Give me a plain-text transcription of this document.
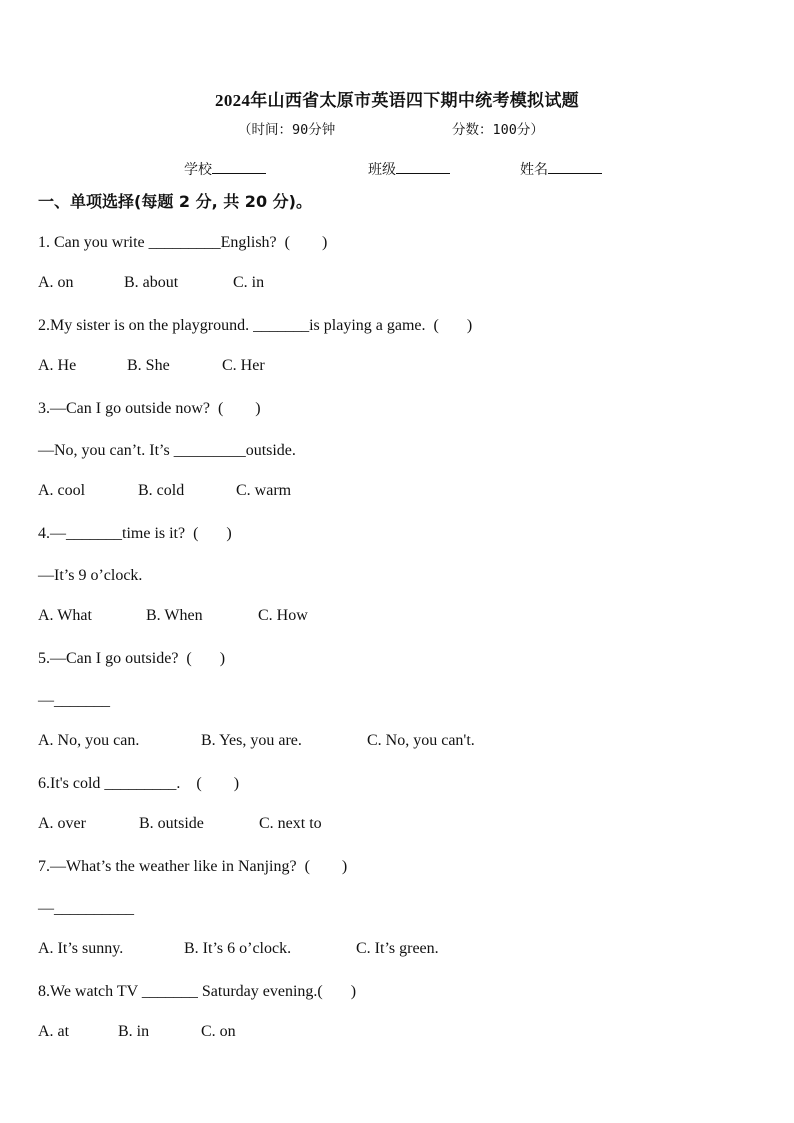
2024年山西省太原市英语四下期中统考模拟试题
（时间：90分钟	分数：100分）
学校	班级	姓名
一、单项选择(每题 2 分, 共 20 分)。
1. Can you write _________English?  (        )
A. on	B. about	C. in
2.My sister is on the playground. _______is playing a game.  (       )
A. He	B. She	C. Her
3.—Can I go outside now?  (        )
—No, you can’t. It’s _________outside.
A. cool	B. cold	C. warm
4.—_______time is it?  (       )
—It’s 9 o’clock.
A. What	B. When	C. How
5.—Can I go outside?  (       )
—_______
A. No, you can.	B. Yes, you are.	C. No, you can't.
6.It's cold _________.    (        )
A. over	B. outside	C. next to
7.—What’s the weather like in Nanjing?  (        )
—__________
A. It’s sunny.	B. It’s 6 o’clock.	C. It’s green.
8.We watch TV _______ Saturday evening.(       )
A. at	B. in	C. on
